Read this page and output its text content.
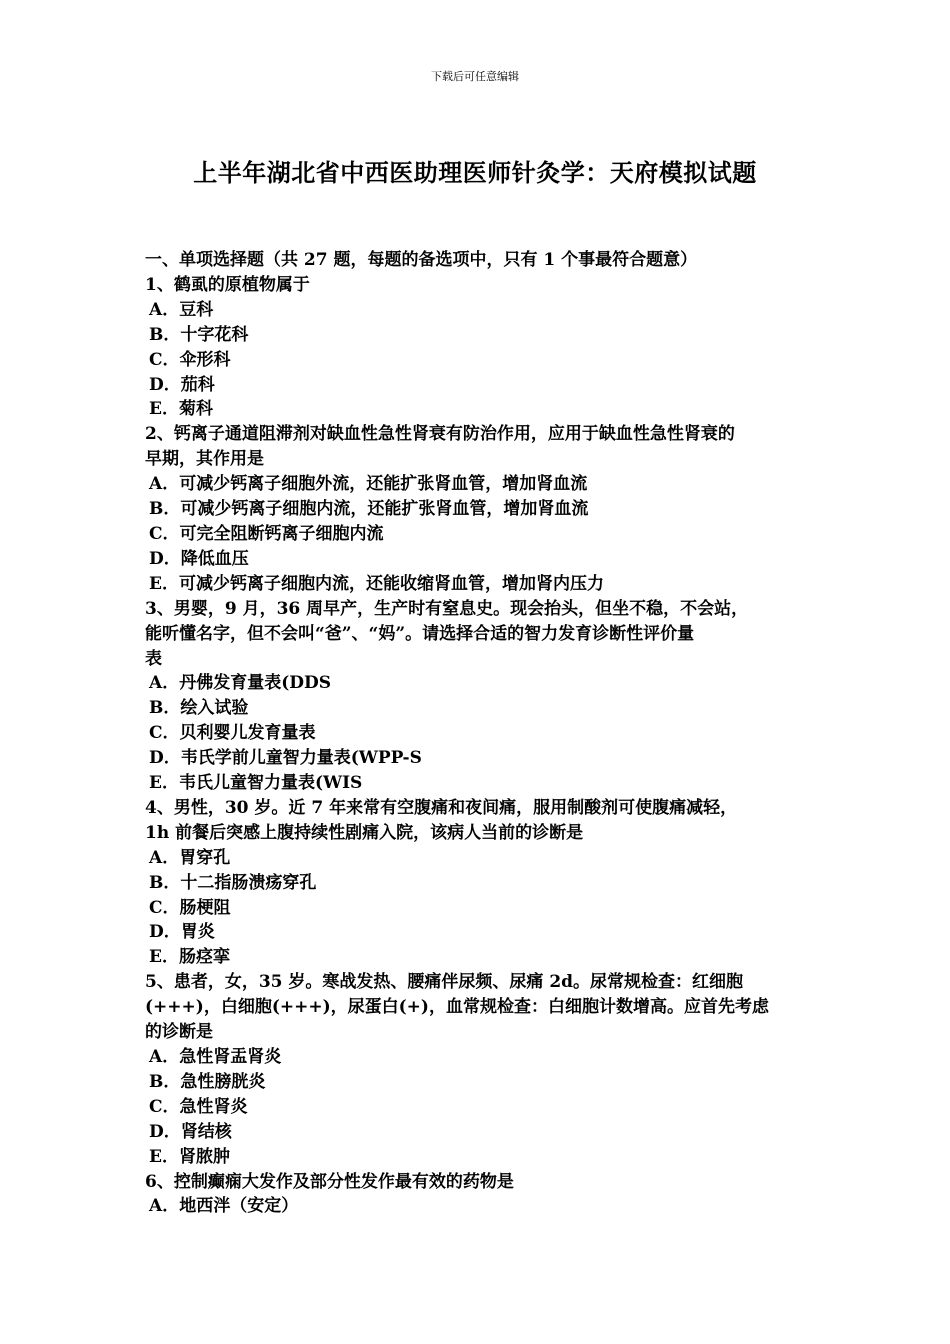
下载后可任意编辑
上半年湖北省中西医助理医师针灸学：天府模拟试题
一、单项选择题（共 27 题，每题的备选项中，只有 1 个事最符合题意）
1、鹤虱的原植物属于
A．豆科
B．十字花科
C．伞形科
D．茄科
E．菊科
2、钙离子通道阻滞剂对缺血性急性肾衰有防治作用，应用于缺血性急性肾衰的
早期，其作用是
A．可减少钙离子细胞外流，还能扩张肾血管，增加肾血流
B．可减少钙离子细胞内流，还能扩张肾血管，增加肾血流
C．可完全阻断钙离子细胞内流
D．降低血压
E．可减少钙离子细胞内流，还能收缩肾血管，增加肾内压力
3、男婴，9 月，36 周早产，生产时有窒息史。现会抬头，但坐不稳，不会站，
能听懂名字，但不会叫“爸”、“妈”。请选择合适的智力发育诊断性评价量
表
A．丹佛发育量表(DDS
B．绘入试验
C．贝利婴儿发育量表
D．韦氏学前儿童智力量表(WPP-S
E．韦氏儿童智力量表(WIS
4、男性，30 岁。近 7 年来常有空腹痛和夜间痛，服用制酸剂可使腹痛减轻，
1h 前餐后突感上腹持续性剧痛入院，该病人当前的诊断是
A．胃穿孔
B．十二指肠溃疡穿孔
C．肠梗阻
D．胃炎
E．肠痉挛
5、患者，女，35 岁。寒战发热、腰痛伴尿频、尿痛 2d。尿常规检查：红细胞
(+++)，白细胞(+++)，尿蛋白(+)，血常规检查：白细胞计数增高。应首先考虑
的诊断是
A．急性肾盂肾炎
B．急性膀胱炎
C．急性肾炎
D．肾结核
E．肾脓肿
6、控制癫痫大发作及部分性发作最有效的药物是
A．地西泮（安定）
